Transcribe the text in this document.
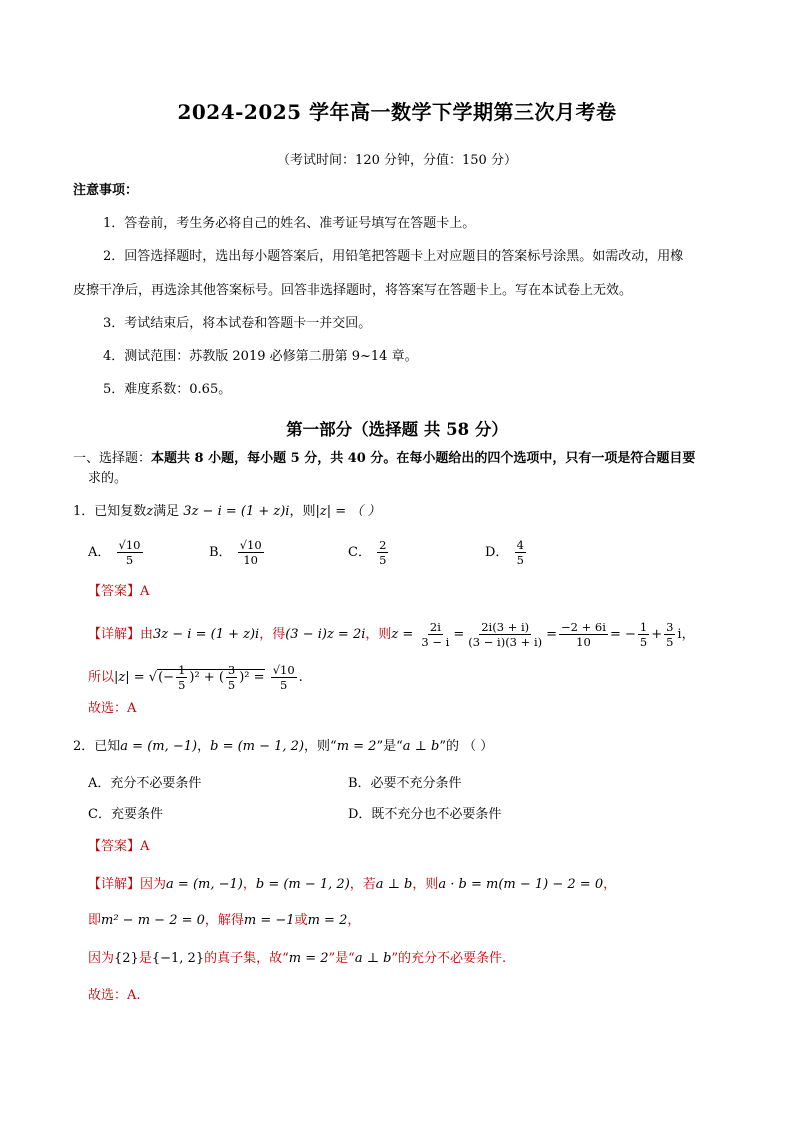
2024-2025 学年高一数学下学期第三次月考卷
（考试时间：120 分钟，分值：150 分）
注意事项：
1．答卷前，考生务必将自己的姓名、准考证号填写在答题卡上。
2．回答选择题时，选出每小题答案后，用铅笔把答题卡上对应题目的答案标号涂黑。如需改动，用橡
皮擦干净后，再选涂其他答案标号。回答非选择题时，将答案写在答题卡上。写在本试卷上无效。
3．考试结束后，将本试卷和答题卡一并交回。
4．测试范围：苏教版 2019 必修第二册第 9~14 章。
5．难度系数：0.65。
第一部分（选择题 共 58 分）
一、选择题：本题共 8 小题，每小题 5 分，共 40 分。在每小题给出的四个选项中，只有一项是符合题目要
求的。
1．已知复数z满足 3z − i = (1 + z)i，则|z| = （ ）
A． $\frac{√10}{5}$	B． $\frac{√10}{10}$	C． $\frac{2}{5}$	D． $\frac{4}{5}$
【答案】A
【详解】由3z − i = (1 + z)i，得(3 − i)z = 2i，则$z = \frac{2i}{3 - i} = \frac{2i(3 + i)}{(3 - i)(3 + i)} = \frac{-2 + 6i}{10}$ = − $\frac{1}{5} + \frac{3}{5}$ i，
所以|z| = √(− $\frac{1}{5} )^2$ + ( $\frac{3}{5} )^2 = \frac{√10}{5}$ .
故选：A
2．已知a = (m, −1)，b = (m − 1, 2)，则“m = 2”是“a ⊥ b”的 （ ）
A．充分不必要条件	B．必要不充分条件
C．充要条件	D．既不充分也不必要条件
【答案】A
【详解】因为a = (m, −1)，b = (m − 1, 2)，若a ⊥ b，则a · b = m(m − 1) − 2 = 0，
即m² − m − 2 = 0，解得m = −1或m = 2，
因为{2}是{−1, 2}的真子集，故“m = 2”是“a ⊥ b”的充分不必要条件.
故选：A.
